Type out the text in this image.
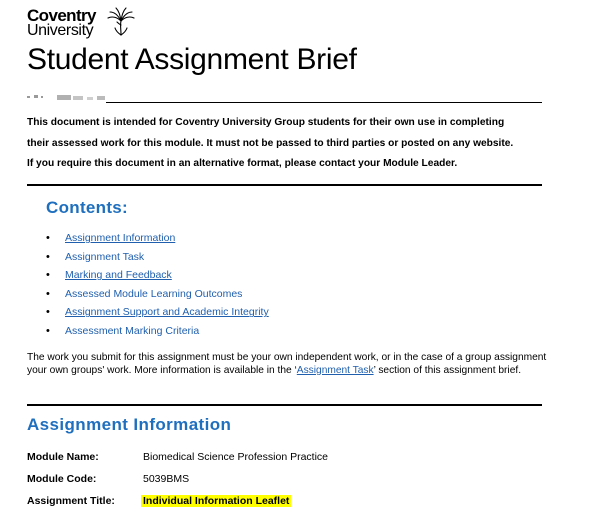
Coventry
University
Student Assignment Brief
This document is intended for Coventry University Group students for their own use in completing
their assessed work for this module. It must not be passed to third parties or posted on any website.
If you require this document in an alternative format, please contact your Module Leader.
Contents:
•	Assignment Information
•	Assignment Task
•	Marking and Feedback
•	Assessed Module Learning Outcomes
•	Assignment Support and Academic Integrity
•	Assessment Marking Criteria
The work you submit for this assignment must be your own independent work, or in the case of a group assignment your own groups' work. More information is available in the ‘Assignment Task’ section of this assignment brief.
Assignment Information
Module Name:	Biomedical Science Profession Practice
Module Code:	5039BMS
Assignment Title:	Individual Information Leaflet
